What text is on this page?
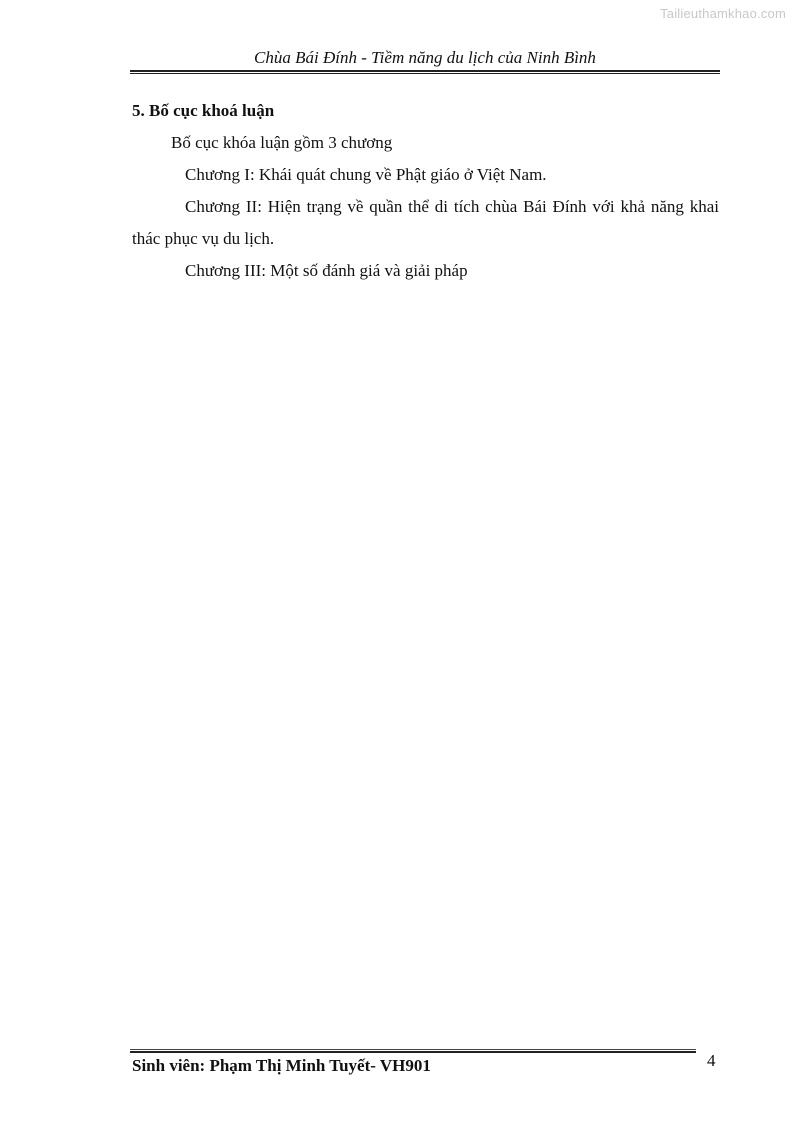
Tailieuthamkhao.com
Chùa Bái Đính - Tiềm năng du lịch của Ninh Bình

5. Bố cục khoá luận

Bố cục khóa luận gồm 3 chương

Chương I: Khái quát chung về Phật giáo ở Việt Nam.

Chương II: Hiện trạng về quần thể di tích chùa Bái Đính với khả năng khai thác phục vụ du lịch.

Chương III: Một số đánh giá và giải pháp

Sinh viên: Phạm Thị Minh Tuyết- VH901	4
